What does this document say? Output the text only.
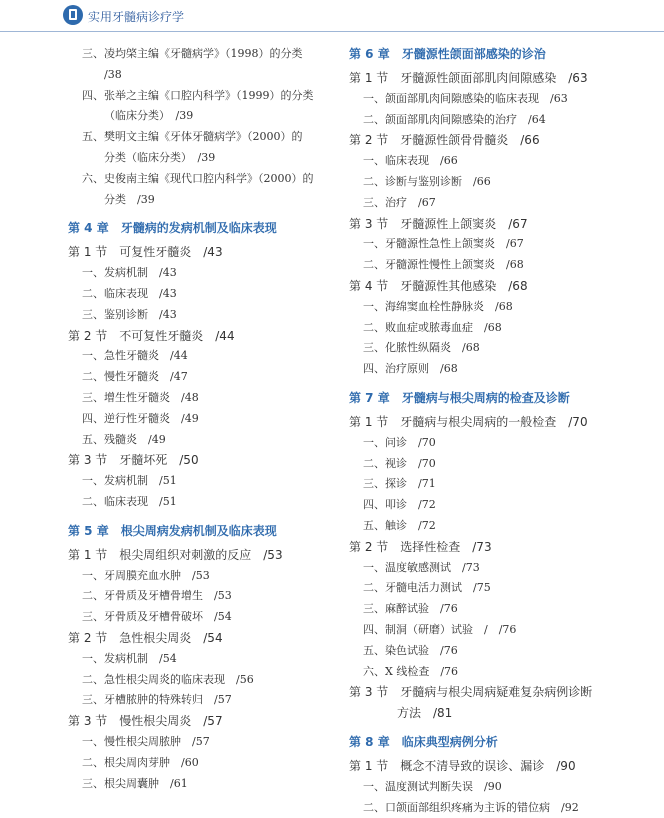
实用牙髓病诊疗学
三、凌均棨主编《牙髓病学》（1998）的分类
/38
四、张举之主编《口腔内科学》（1999）的分类
（临床分类）　/39
五、樊明文主编《牙体牙髓病学》（2000）的
分类（临床分类）　/39
六、史俊南主编《现代口腔内科学》（2000）的
分类　/39
第 4 章　牙髓病的发病机制及临床表现
第 1 节　可复性牙髓炎　/43
一、发病机制　/43
二、临床表现　/43
三、鉴别诊断　/43
第 2 节　不可复性牙髓炎　/44
一、急性牙髓炎　/44
二、慢性牙髓炎　/47
三、增生性牙髓炎　/48
四、逆行性牙髓炎　/49
五、残髓炎　/49
第 3 节　牙髓坏死　/50
一、发病机制　/51
二、临床表现　/51
第 5 章　根尖周病发病机制及临床表现
第 1 节　根尖周组织对刺激的反应　/53
一、牙周膜充血水肿　/53
二、牙骨质及牙槽骨增生　/53
三、牙骨质及牙槽骨破坏　/54
第 2 节　急性根尖周炎　/54
一、发病机制　/54
二、急性根尖周炎的临床表现　/56
三、牙槽脓肿的特殊转归　/57
第 3 节　慢性根尖周炎　/57
一、慢性根尖周脓肿　/57
二、根尖周肉芽肿　/60
三、根尖周囊肿　/61
第 6 章　牙髓源性颌面部感染的诊治
第 1 节　牙髓源性颌面部肌肉间隙感染　/63
一、颌面部肌肉间隙感染的临床表现　/63
二、颌面部肌肉间隙感染的治疗　/64
第 2 节　牙髓源性颌骨骨髓炎　/66
一、临床表现　/66
二、诊断与鉴别诊断　/66
三、治疗　/67
第 3 节　牙髓源性上颌窦炎　/67
一、牙髓源性急性上颌窦炎　/67
二、牙髓源性慢性上颌窦炎　/68
第 4 节　牙髓源性其他感染　/68
一、海绵窦血栓性静脉炎　/68
二、败血症或脓毒血症　/68
三、化脓性纵隔炎　/68
四、治疗原则　/68
第 7 章　牙髓病与根尖周病的检查及诊断
第 1 节　牙髓病与根尖周病的一般检查　/70
一、问诊　/70
二、视诊　/70
三、探诊　/71
四、叩诊　/72
五、触诊　/72
第 2 节　选择性检查　/73
一、温度敏感测试　/73
二、牙髓电活力测试　/75
三、麻醉试验　/76
四、制洞（研磨）试验　/　/76
五、染色试验　/76
六、X 线检查　/76
第 3 节　牙髓病与根尖周病疑难复杂病例诊断
方法　/81
第 8 章　临床典型病例分析
第 1 节　概念不清导致的误诊、漏诊　/90
一、温度测试判断失误　/90
二、口颌面部组织疼痛为主诉的错位病　/92
